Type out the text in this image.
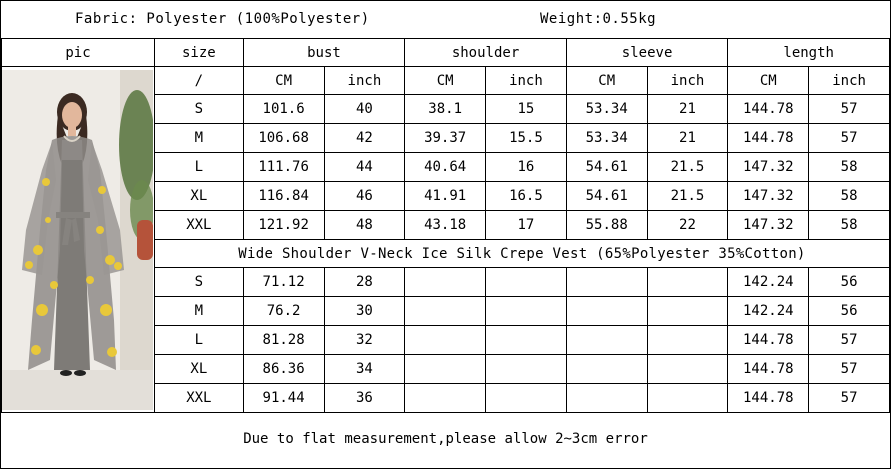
Fabric: Polyester (100%Polyester)	Weight:0.55kg
pic	size	bust		shoulder		sleeve		length	

	/	CM	inch	CM	inch	CM	inch	CM	inch
	S	101.6	40	38.1	15	53.34	21	144.78	57
	M	106.68	42	39.37	15.5	53.34	21	144.78	57
	L	111.76	44	40.64	16	54.61	21.5	147.32	58
	XL	116.84	46	41.91	16.5	54.61	21.5	147.32	58
	XXL	121.92	48	43.18	17	55.88	22	147.32	58
	Wide Shoulder V-Neck Ice Silk Crepe Vest (65%Polyester 35%Cotton)								
	S	71.12	28					142.24	56
	M	76.2	30					142.24	56
	L	81.28	32					144.78	57
	XL	86.36	34					144.78	57
	XXL	91.44	36					144.78	57
Due to flat measurement,please allow 2~3cm error
